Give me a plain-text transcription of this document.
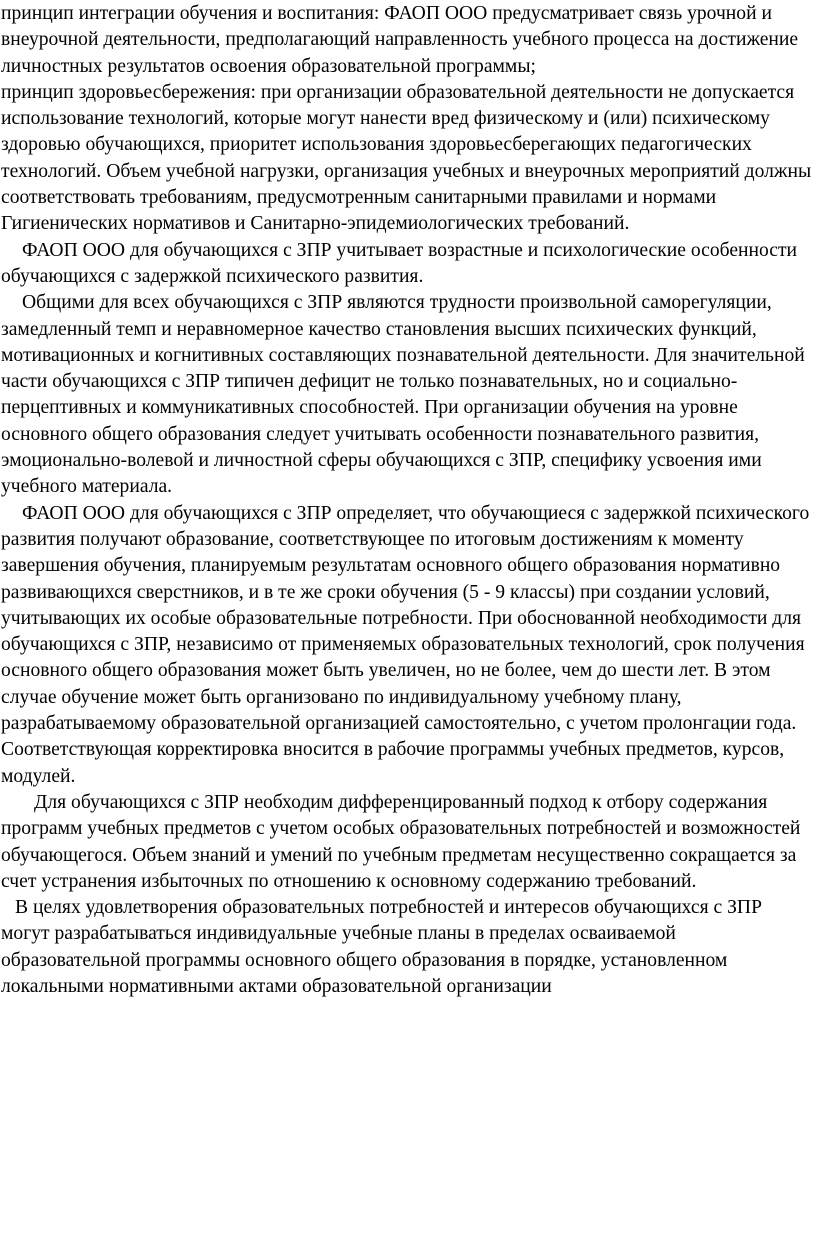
принцип интеграции обучения и воспитания: ФАОП ООО предусматривает связь урочной и внеурочной деятельности, предполагающий направленность учебного процесса на достижение личностных результатов освоения образовательной программы;

принцип здоровьесбережения: при организации образовательной деятельности не допускается использование технологий, которые могут нанести вред физическому и (или) психическому здоровью обучающихся, приоритет использования здоровьесберегающих педагогических технологий. Объем учебной нагрузки, организация учебных и внеурочных мероприятий должны соответствовать требованиям, предусмотренным санитарными правилами и нормами Гигиенических нормативов и Санитарно-эпидемиологических требований.

ФАОП ООО для обучающихся с ЗПР учитывает возрастные и психологические особенности обучающихся с задержкой психического развития.

Общими для всех обучающихся с ЗПР являются трудности произвольной саморегуляции, замедленный темп и неравномерное качество становления высших психических функций, мотивационных и когнитивных составляющих познавательной деятельности. Для значительной части обучающихся с ЗПР типичен дефицит не только познавательных, но и социально-перцептивных и коммуникативных способностей. При организации обучения на уровне основного общего образования следует учитывать особенности познавательного развития, эмоционально-волевой и личностной сферы обучающихся с ЗПР, специфику усвоения ими учебного материала.

ФАОП ООО для обучающихся с ЗПР определяет, что обучающиеся с задержкой психического развития получают образование, соответствующее по итоговым достижениям к моменту завершения обучения, планируемым результатам основного общего образования нормативно развивающихся сверстников, и в те же сроки обучения (5 - 9 классы) при создании условий, учитывающих их особые образовательные потребности. При обоснованной необходимости для обучающихся с ЗПР, независимо от применяемых образовательных технологий, срок получения основного общего образования может быть увеличен, но не более, чем до шести лет. В этом случае обучение может быть организовано по индивидуальному учебному плану, разрабатываемому образовательной организацией самостоятельно, с учетом пролонгации года. Соответствующая корректировка вносится в рабочие программы учебных предметов, курсов, модулей.

Для обучающихся с ЗПР необходим дифференцированный подход к отбору содержания программ учебных предметов с учетом особых образовательных потребностей и возможностей обучающегося. Объем знаний и умений по учебным предметам несущественно сокращается за счет устранения избыточных по отношению к основному содержанию требований.

В целях удовлетворения образовательных потребностей и интересов обучающихся с ЗПР могут разрабатываться индивидуальные учебные планы в пределах осваиваемой образовательной программы основного общего образования в порядке, установленном локальными нормативными актами образовательной организации
